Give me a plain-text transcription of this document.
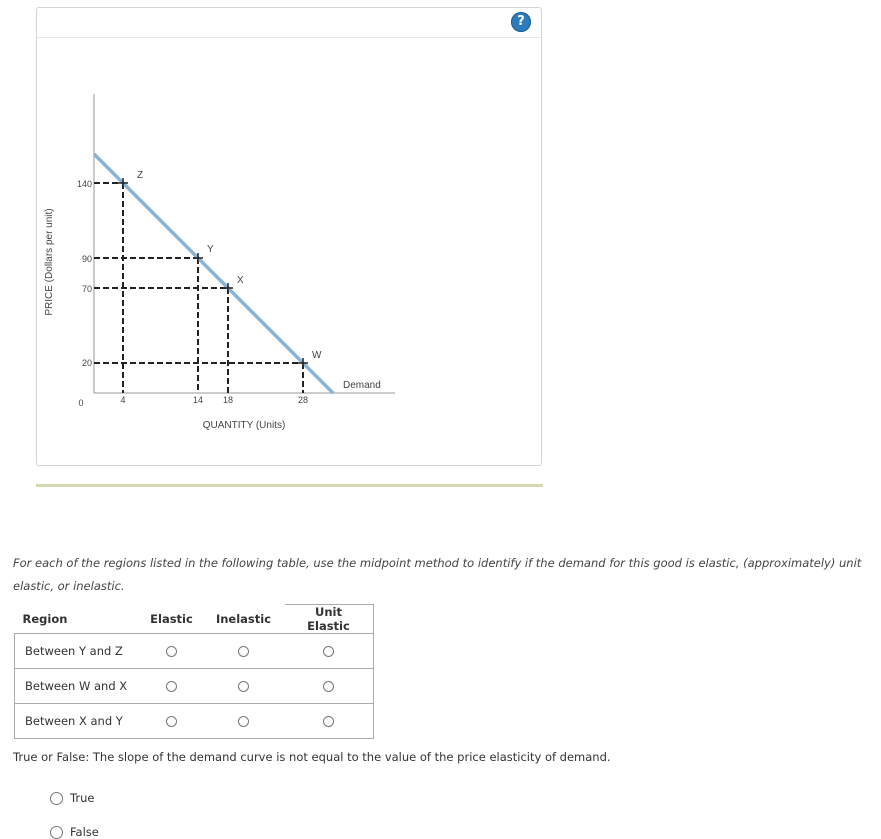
?
PRICE (Dollars per unit)
QUANTITY (Units)
140
90
70
20
0	4	14 18	28
Z
Y
X
W
Demand
For each of the regions listed in the following table, use the midpoint method to identify if the demand for this good is elastic, (approximately) unit elastic, or inelastic.
Region	Elastic	Inelastic	Unit Elastic
Between Y and Z			
Between W and X			
Between X and Y			
True or False: The slope of the demand curve is not equal to the value of the price elasticity of demand.
True
False
